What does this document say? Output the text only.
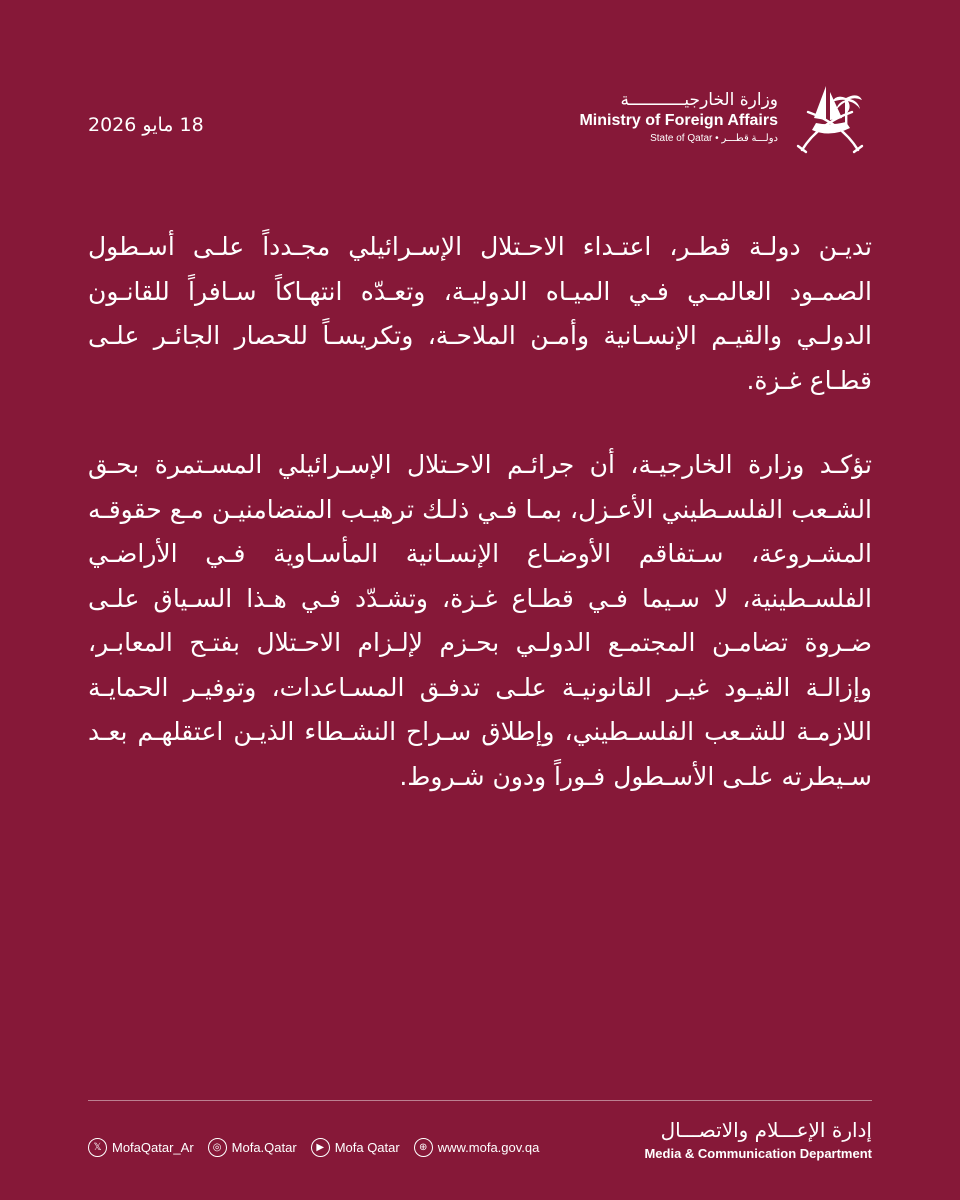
18 مايو 2026
وزارة الخارجيـــــــــــة
Ministry of Foreign Affairs
State of Qatar • دولـــة قطـــر

تديـن دولـة قطـر، اعتـداء الاحـتلال الإسـرائيلي مجـدداً علـى أسـطول الصمـود العالمـي فـي الميـاه الدوليـة، وتعـدّه انتهـاكاً سـافراً للقانـون الدولـي والقيـم الإنسـانية وأمـن الملاحـة، وتكريسـاً للحصار الجائـر علـى قطـاع غـزة.

تؤكـد وزارة الخارجيـة، أن جرائـم الاحـتلال الإسـرائيلي المسـتمرة بحـق الشـعب الفلسـطيني الأعـزل، بمـا فـي ذلـك ترهيـب المتضامنيـن مـع حقوقـه المشـروعة، سـتفاقم الأوضـاع الإنسـانية المأسـاوية فـي الأراضـي الفلسـطينية، لا سـيما فـي قطـاع غـزة، وتشـدّد فـي هـذا السـياق علـى ضـروة تضامـن المجتمـع الدولـي بحـزم لإلـزام الاحـتلال بفتـح المعابـر، وإزالـة القيـود غيـر القانونيـة علـى تدفـق المسـاعدات، وتوفيـر الحمايـة اللازمـة للشـعب الفلسـطيني، وإطلاق سـراح النشـطاء الذيـن اعتقلهـم بعـد سـيطرته علـى الأسـطول فـوراً ودون شـروط.

𝕏 MofaQatar_Ar	◎ Mofa.Qatar	▶ Mofa Qatar	⊕ www.mofa.gov.qa
إدارة الإعـــلام والاتصـــال
Media & Communication Department
